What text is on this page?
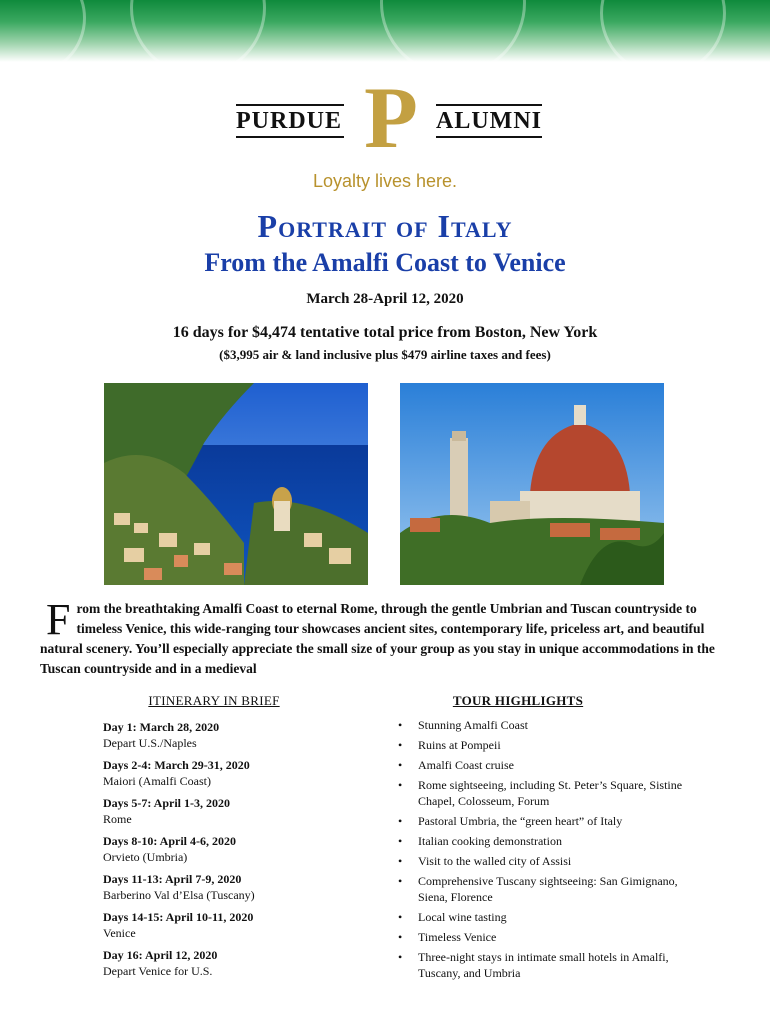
PURDUE P ALUMNI
Loyalty lives here.
Portrait of Italy
From the Amalfi Coast to Venice
March 28-April 12, 2020
16 days for $4,474 tentative total price from Boston, New York
($3,995 air & land inclusive plus $479 airline taxes and fees)
F rom the breathtaking Amalfi Coast to eternal Rome, through the gentle Umbrian and Tuscan countryside to timeless Venice, this wide-ranging tour showcases ancient sites, contemporary life, priceless art, and beautiful natural scenery. You’ll especially appreciate the small size of your group as you stay in unique accommodations in the Tuscan countryside and in a medieval
ITINERARY IN BRIEF
Day 1: March 28, 2020
Depart U.S./Naples
Days 2-4: March 29-31, 2020
Maiori (Amalfi Coast)
Days 5-7: April 1-3, 2020
Rome
Days 8-10: April 4-6, 2020
Orvieto (Umbria)
Days 11-13: April 7-9, 2020
Barberino Val d’Elsa (Tuscany)
Days 14-15: April 10-11, 2020
Venice
Day 16: April 12, 2020
Depart Venice for U.S.
TOUR HIGHLIGHTS
• Stunning Amalfi Coast
• Ruins at Pompeii
• Amalfi Coast cruise
• Rome sightseeing, including St. Peter’s Square, Sistine Chapel, Colosseum, Forum
• Pastoral Umbria, the “green heart” of Italy
• Italian cooking demonstration
• Visit to the walled city of Assisi
• Comprehensive Tuscany sightseeing: San Gimignano, Siena, Florence
• Local wine tasting
• Timeless Venice
• Three-night stays in intimate small hotels in Amalfi, Tuscany, and Umbria
